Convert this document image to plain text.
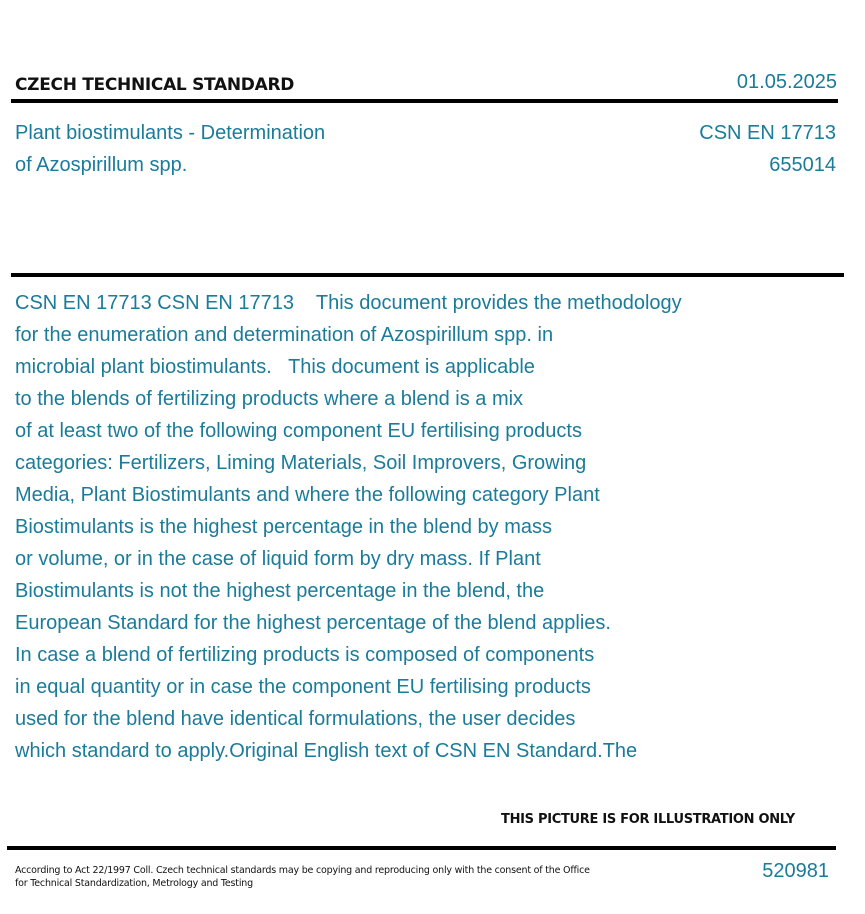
CZECH TECHNICAL STANDARD	01.05.2025
Plant biostimulants - Determination
of Azospirillum spp.
CSN EN 17713
655014
CSN EN 17713 CSN EN 17713    This document provides the methodology
for the enumeration and determination of Azospirillum spp. in
microbial plant biostimulants.   This document is applicable
to the blends of fertilizing products where a blend is a mix
of at least two of the following component EU fertilising products
categories: Fertilizers, Liming Materials, Soil Improvers, Growing
Media, Plant Biostimulants and where the following category Plant
Biostimulants is the highest percentage in the blend by mass
or volume, or in the case of liquid form by dry mass. If Plant
Biostimulants is not the highest percentage in the blend, the
European Standard for the highest percentage of the blend applies.
In case a blend of fertilizing products is composed of components
in equal quantity or in case the component EU fertilising products
used for the blend have identical formulations, the user decides
which standard to apply.Original English text of CSN EN Standard.The
THIS PICTURE IS FOR ILLUSTRATION ONLY
According to Act 22/1997 Coll. Czech technical standards may be copying and reproducing only with the consent of the Office
for Technical Standardization, Metrology and Testing
520981
